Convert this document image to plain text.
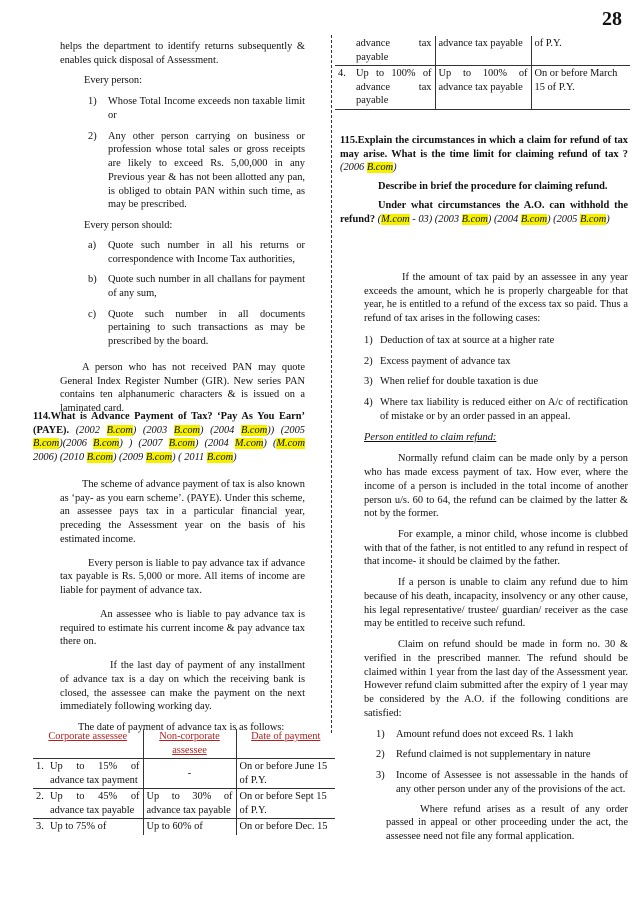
28

helps the department to identify returns subsequently & enables quick disposal of Assessment.

Every person:

1)	Whose Total Income exceeds non taxable limit or
2)	Any other person carrying on business or profession whose total sales or gross receipts are likely to exceed Rs. 5,00,000 in any Previous year & has not been allotted any pan, is obliged to obtain PAN within such time, as may be prescribed.

Every person should:

a)	Quote such number in all his returns or correspondence with Income Tax authorities,
b)	Quote such number in all challans for payment of any sum,
c)	Quote such number in all documents pertaining to such transactions as may be prescribed by the board.

A person who has not received PAN may quote General Index Register Number (GIR). New series PAN contains ten alphanumeric characters & is issued on a laminated card.

114.What is Advance Payment of Tax? ‘Pay As You Earn’ (PAYE). (2002 B.com) (2003 B.com) (2004 B.com)) (2005 B.com)(2006 B.com) ) (2007 B.com) (2004 M.com) (M.com 2006) (2010 B.com) (2009 B.com) ( 2011 B.com)

The scheme of advance payment of tax is also known as ‘pay- as you earn scheme’. (PAYE). Under this scheme, an assessee pays tax in a particular financial year, preceding the Assessment year on the basis of his estimated income.

Every person is liable to pay advance tax if advance tax payable is Rs. 5,000 or more. All items of income are liable for payment of advance tax.

An assessee who is liable to pay advance tax is required to estimate his current income & pay advance tax there on.

If the last day of payment of any installment of advance tax is a day on which the receiving bank is closed, the assessee can make the payment on the next immediately following working day.

The date of payment of advance tax is as follows:

Corporate assessee	Non-corporate assessee	Date of payment

1. Up to 15% of advance tax payment	-	On or before June 15 of P.Y.

2. Up to 45% of advance tax payable	Up to 30% of advance tax payable	On or before Sept 15 of P.Y.

3. Up to 75% of	Up to 60% of	On or before Dec. 15
advance tax payable	advance tax payable	of P.Y.

4. Up to 100% of advance tax payable	Up to 100% of advance tax payable	On or before March 15 of P.Y.

115.Explain the circumstances in which a claim for refund of tax may arise. What is the time limit for claiming refund of tax ? (2006 B.com)

Describe in brief the procedure for claiming refund.

Under what circumstances the A.O. can withhold the refund? (M.com - 03) (2003 B.com) (2004 B.com) (2005 B.com)

If the amount of tax paid by an assessee in any year exceeds the amount, which he is properly chargeable for that year, he is entitled to a refund of the excess tax so paid. Thus a refund of tax arises in the following cases:

1) Deduction of tax at source at a higher rate
2) Excess payment of advance tax
3) When relief for double taxation is due
4) Where tax liability is reduced either on A/c of rectification of mistake or by an order passed in an appeal.

Person entitled to claim refund:

Normally refund claim can be made only by a person who has made excess payment of tax. How ever, where the income of a person is included in the total income of another person u/s. 60 to 64, the refund can be claimed by the latter & not by the former.

For example, a minor child, whose income is clubbed with that of the father, is not entitled to any refund in respect of that income- it should be claimed by the father.

If a person is unable to claim any refund due to him because of his death, incapacity, insolvency or any other cause, his legal representative/ trustee/ guardian/ receiver as the case may be entitled to receive such refund.

Claim on refund should be made in form no. 30 & verified in the prescribed manner. The refund should be claimed within 1 year from the last day of the Assessment year. However refund claim submitted after the expiry of 1 year may be considered by the A.O. if the following conditions are satisfied:

1)	Amount refund does not exceed Rs. 1 lakh
2)	Refund claimed is not supplementary in nature
3)	Income of Assessee is not assessable in the hands of any other person under any of the provisions of the act.

Where refund arises as a result of any order passed in appeal or other proceeding under the act, the assessee need not file any formal application.
